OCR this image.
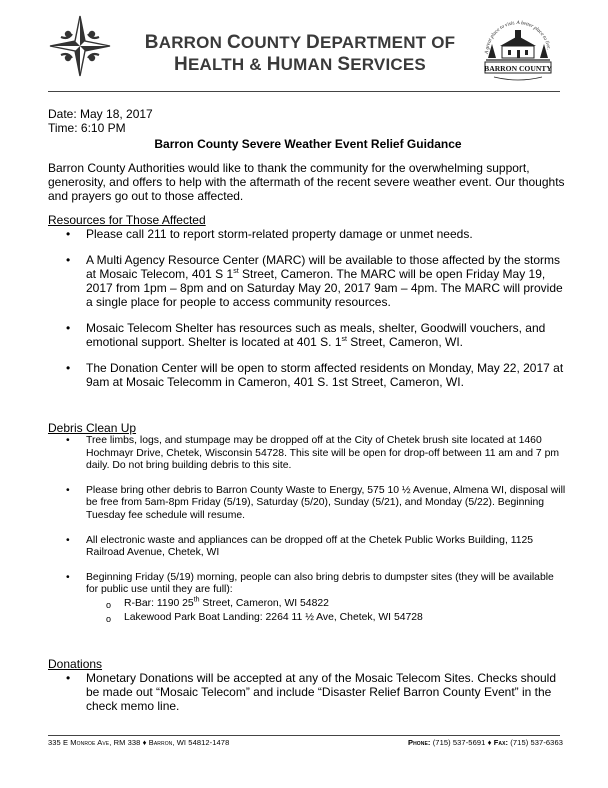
BARRON COUNTY DEPARTMENT OF
HEALTH & HUMAN SERVICES
A great place to visit. A better place to live.
BARRON COUNTY

Date: May 18, 2017

Time: 6:10 PM

Barron County Severe Weather Event Relief Guidance

Barron County Authorities would like to thank the community for the overwhelming support, generosity, and offers to help with the aftermath of the recent severe weather event. Our thoughts and prayers go out to those affected.

Resources for Those Affected

• Please call 211 to report storm-related property damage or unmet needs.
• A Multi Agency Resource Center (MARC) will be available to those affected by the storms at Mosaic Telecom, 401 S 1st Street, Cameron. The MARC will be open Friday May 19, 2017 from 1pm – 8pm and on Saturday May 20, 2017 9am – 4pm. The MARC will provide a single place for people to access community resources.
• Mosaic Telecom Shelter has resources such as meals, shelter, Goodwill vouchers, and emotional support. Shelter is located at 401 S. 1st Street, Cameron, WI.
• The Donation Center will be open to storm affected residents on Monday, May 22, 2017 at 9am at Mosaic Telecomm in Cameron, 401 S. 1st Street, Cameron, WI.

Debris Clean Up

• Tree limbs, logs, and stumpage may be dropped off at the City of Chetek brush site located at 1460 Hochmayr Drive, Chetek, Wisconsin 54728. This site will be open for drop-off between 11 am and 7 pm daily. Do not bring building debris to this site.
• Please bring other debris to Barron County Waste to Energy, 575 10 ½ Avenue, Almena WI, disposal will be free from 5am-8pm Friday (5/19), Saturday (5/20), Sunday (5/21), and Monday (5/22). Beginning Tuesday fee schedule will resume.
• All electronic waste and appliances can be dropped off at the Chetek Public Works Building, 1125 Railroad Avenue, Chetek, WI
• Beginning Friday (5/19) morning, people can also bring debris to dumpster sites (they will be available for public use until they are full):
o R-Bar: 1190 25th Street, Cameron, WI 54822
o Lakewood Park Boat Landing: 2264 11 ½ Ave, Chetek, WI 54728

Donations

• Monetary Donations will be accepted at any of the Mosaic Telecom Sites. Checks should be made out “Mosaic Telecom” and include “Disaster Relief Barron County Event” in the check memo line.
335 E Monroe Ave, RM 338 ♦ Barron, WI 54812-1478	Phone: (715) 537-5691 ♦ Fax: (715) 537-6363
